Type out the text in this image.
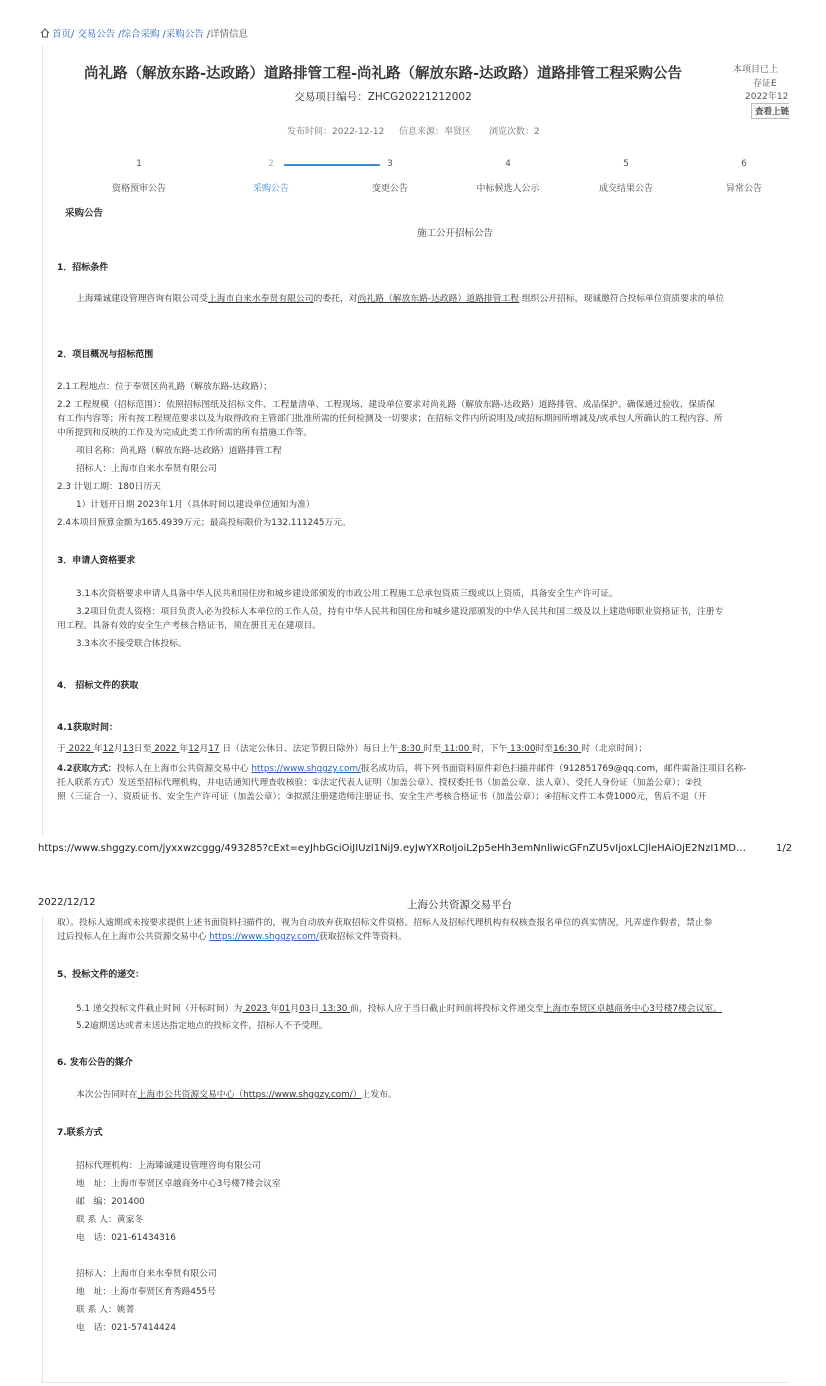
首页/ 交易公告 /综合采购 /采购公告 /详情信息
尚礼路（解放东路-达政路）道路排管工程-尚礼路（解放东路-达政路）道路排管工程采购公告
交易项目编号：ZHCG20221212002
本项目已上
存证E
2022年12
查看上链
发布时间：2022-12-12 信息来源：奉贤区 浏览次数：2
1	2	3	4	5	6
资格预审公告	采购公告	变更公告	中标候选人公示	成交结果公告	异常公告
采购公告
施工公开招标公告
1．招标条件
上海臻诚建设管理咨询有限公司受上海市自来水奉贤有限公司的委托，对尚礼路（解放东路-达政路）道路排管工程 组织公开招标，现诚邀符合投标单位资质要求的单位
2．项目概况与招标范围
2.1工程地点：位于奉贤区尚礼路（解放东路-达政路）；
2.2 工程规模（招标范围）：依照招标图纸及招标文件、工程量清单、工程现场、建设单位要求对尚礼路（解放东路-达政路）道路排管、成品保护、确保通过验收、保质保
有工作内容等；所有按工程规范要求以及为取得政府主管部门批准所需的任何检测及一切要求；在招标文件内所说明及/或招标期间所增减及/或承包人所确认的工程内容、所
中所提到和反映的工作及为完成此类工作所需的所有措施工作等。
项目名称：尚礼路（解放东路-达政路）道路排管工程
招标人：上海市自来水奉贤有限公司
2.3 计划工期：180日历天
1）计划开日期 2023年1月（具体时间以建设单位通知为准）
2.4本项目预算金额为165.4939万元；最高投标限价为132.111245万元。
3．申请人资格要求
3.1本次资格要求申请人具备中华人民共和国住房和城乡建设部颁发的市政公用工程施工总承包资质三级或以上资质，具备安全生产许可证。
3.2项目负责人资格：项目负责人必为投标人本单位的工作人员，持有中华人民共和国住房和城乡建设部颁发的中华人民共和国二级及以上建造师职业资格证书，注册专
用工程。具备有效的安全生产考核合格证书，须在册且无在建项目。
3.3本次不接受联合体投标。
4． 招标文件的获取
4.1获取时间：
于 2022 年12月13日至 2022 年12月17 日（法定公休日、法定节假日除外）每日上午 8:30 时至 11:00 时，下午 13:00时至16:30 时（北京时间）；
4.2获取方式：投标人在上海市公共资源交易中心 https://www.shggzy.com/报名成功后，将下列书面资料原件彩色扫描并邮件（912851769@qq.com，邮件需备注项目名称-
托人联系方式）发送至招标代理机构，并电话通知代理查收核验：①法定代表人证明（加盖公章）、授权委托书（加盖公章、法人章）、受托人身份证（加盖公章）；②投
照（三证合一）、资质证书、安全生产许可证（加盖公章）；③拟派注册建造师注册证书、安全生产考核合格证书（加盖公章）；④招标文件工本费1000元，售后不退（开
https://www.shggzy.com/jyxxwzcggg/493285?cExt=eyJhbGciOiJIUzI1NiJ9.eyJwYXRoIjoiL2p5eHh3emNnliwicGFnZU5vIjoxLCJleHAiOjE2NzI1MD…	1/2
2022/12/12	上海公共资源交易平台
取）。投标人逾期或未按要求提供上述书面资料扫描件的，视为自动放弃获取招标文件资格。招标人及招标代理机构有权核查报名单位的真实情况，凡弄虚作假者，禁止参
过后投标人在上海市公共资源交易中心 https://www.shggzy.com/获取招标文件等资料。
5、投标文件的递交：
5.1 递交投标文件截止时间（开标时间）为 2023 年01月03日 13:30 前，投标人应于当日截止时间前将投标文件递交至上海市奉贤区卓越商务中心3号楼7楼会议室。
5.2逾期送达或者未送达指定地点的投标文件，招标人不予受理。
6. 发布公告的媒介
本次公告同时在上海市公共资源交易中心（https://www.shggzy.com/）上发布。
7.联系方式
招标代理机构：上海臻诚建设管理咨询有限公司
地　址：上海市奉贤区卓越商务中心3号楼7楼会议室
邮　编：201400
联 系 人：黄家冬
电　话：021-61434316
招标人：上海市自来水奉贤有限公司
地　址：上海市奉贤区育秀路455号
联 系 人：姚菁
电　话：021-57414424
